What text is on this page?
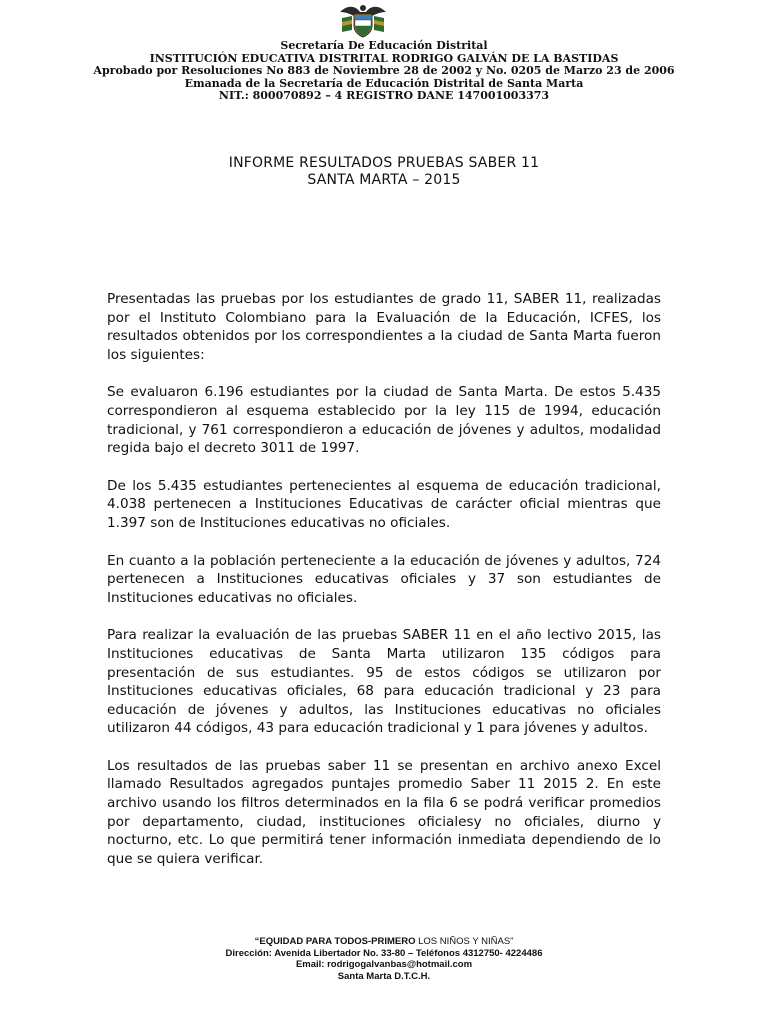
Secretaría De Educación Distrital
INSTITUCIÓN EDUCATIVA DISTRITAL RODRIGO GALVÁN DE LA BASTIDAS
Aprobado por Resoluciones No 883 de Noviembre 28 de 2002 y No. 0205 de Marzo 23 de 2006
Emanada de la Secretaría de Educación Distrital de Santa Marta
NIT.: 800070892 – 4 REGISTRO DANE 147001003373
INFORME RESULTADOS PRUEBAS SABER 11
SANTA MARTA – 2015

Presentadas las pruebas por los estudiantes de grado 11, SABER 11, realizadas por el Instituto Colombiano para la Evaluación de la Educación, ICFES, los resultados obtenidos por los correspondientes a la ciudad de Santa Marta fueron los siguientes:

Se evaluaron 6.196 estudiantes por la ciudad de Santa Marta. De estos 5.435 correspondieron al esquema establecido por la ley 115 de 1994, educación tradicional, y 761 correspondieron a educación de jóvenes y adultos, modalidad regida bajo el decreto 3011 de 1997.

De los 5.435 estudiantes pertenecientes al esquema de educación tradicional, 4.038 pertenecen a Instituciones Educativas de carácter oficial mientras que 1.397 son de Instituciones educativas no oficiales.

En cuanto a la población perteneciente a la educación de jóvenes y adultos, 724 pertenecen a Instituciones educativas oficiales y 37 son estudiantes de Instituciones educativas no oficiales.

Para realizar la evaluación de las pruebas SABER 11 en el año lectivo 2015, las Instituciones educativas de Santa Marta utilizaron 135 códigos para presentación de sus estudiantes. 95 de estos códigos se utilizaron por Instituciones educativas oficiales, 68 para educación tradicional y 23 para educación de jóvenes y adultos, las Instituciones educativas no oficiales utilizaron 44 códigos, 43 para educación tradicional y 1 para jóvenes y adultos.

Los resultados de las pruebas saber 11 se presentan en archivo anexo Excel llamado Resultados agregados puntajes promedio Saber 11 2015 2. En este archivo usando los filtros determinados en la fila 6 se podrá verificar promedios por departamento, ciudad, instituciones oficialesy no oficiales, diurno y nocturno, etc. Lo que permitirá tener información inmediata dependiendo de lo que se quiera verificar.

“EQUIDAD PARA TODOS-PRIMERO LOS NIÑOS Y NIÑAS”
Dirección: Avenida Libertador No. 33-80 – Teléfonos 4312750- 4224486
Email: rodrigogalvanbas@hotmail.com
Santa Marta D.T.C.H.
